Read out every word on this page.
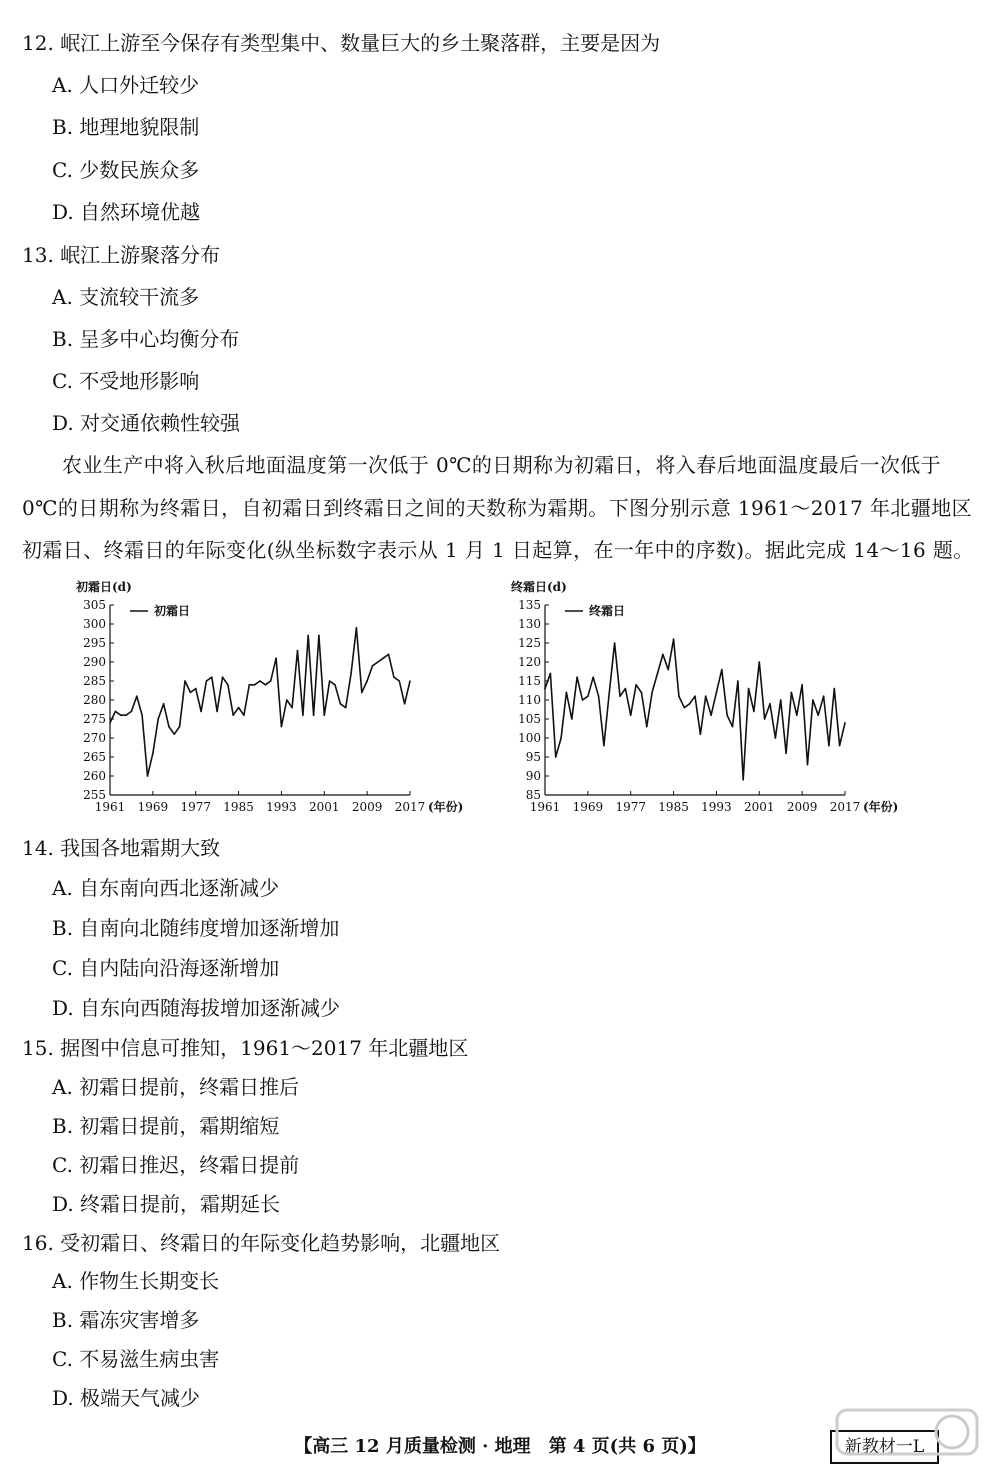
12. 岷江上游至今保存有类型集中、数量巨大的乡土聚落群，主要是因为
A. 人口外迁较少
B. 地理地貌限制
C. 少数民族众多
D. 自然环境优越
13. 岷江上游聚落分布
A. 支流较干流多
B. 呈多中心均衡分布
C. 不受地形影响
D. 对交通依赖性较强
农业生产中将入秋后地面温度第一次低于 0℃的日期称为初霜日，将入春后地面温度最后一次低于
0℃的日期称为终霜日，自初霜日到终霜日之间的天数称为霜期。下图分别示意 1961～2017 年北疆地区
初霜日、终霜日的年际变化(纵坐标数字表示从 1 月 1 日起算，在一年中的序数)。据此完成 14～16 题。
初霜日(d)
305
300
295
290
285
280
275
270
265
260
255
1961 1969 1977 1985 1993 2001 2009 2017 (年份)
初霜日
终霜日(d)
135
130
125
120
115
110
105
100
95
90
85
1961 1969 1977 1985 1993 2001 2009 2017 (年份)
终霜日
14. 我国各地霜期大致
A. 自东南向西北逐渐减少
B. 自南向北随纬度增加逐渐增加
C. 自内陆向沿海逐渐增加
D. 自东向西随海拔增加逐渐减少
15. 据图中信息可推知，1961～2017 年北疆地区
A. 初霜日提前，终霜日推后
B. 初霜日提前，霜期缩短
C. 初霜日推迟，终霜日提前
D. 终霜日提前，霜期延长
16. 受初霜日、终霜日的年际变化趋势影响，北疆地区
A. 作物生长期变长
B. 霜冻灾害增多
C. 不易滋生病虫害
D. 极端天气减少
【高三 12 月质量检测 · 地理　第 4 页(共 6 页)】	新教材一L
